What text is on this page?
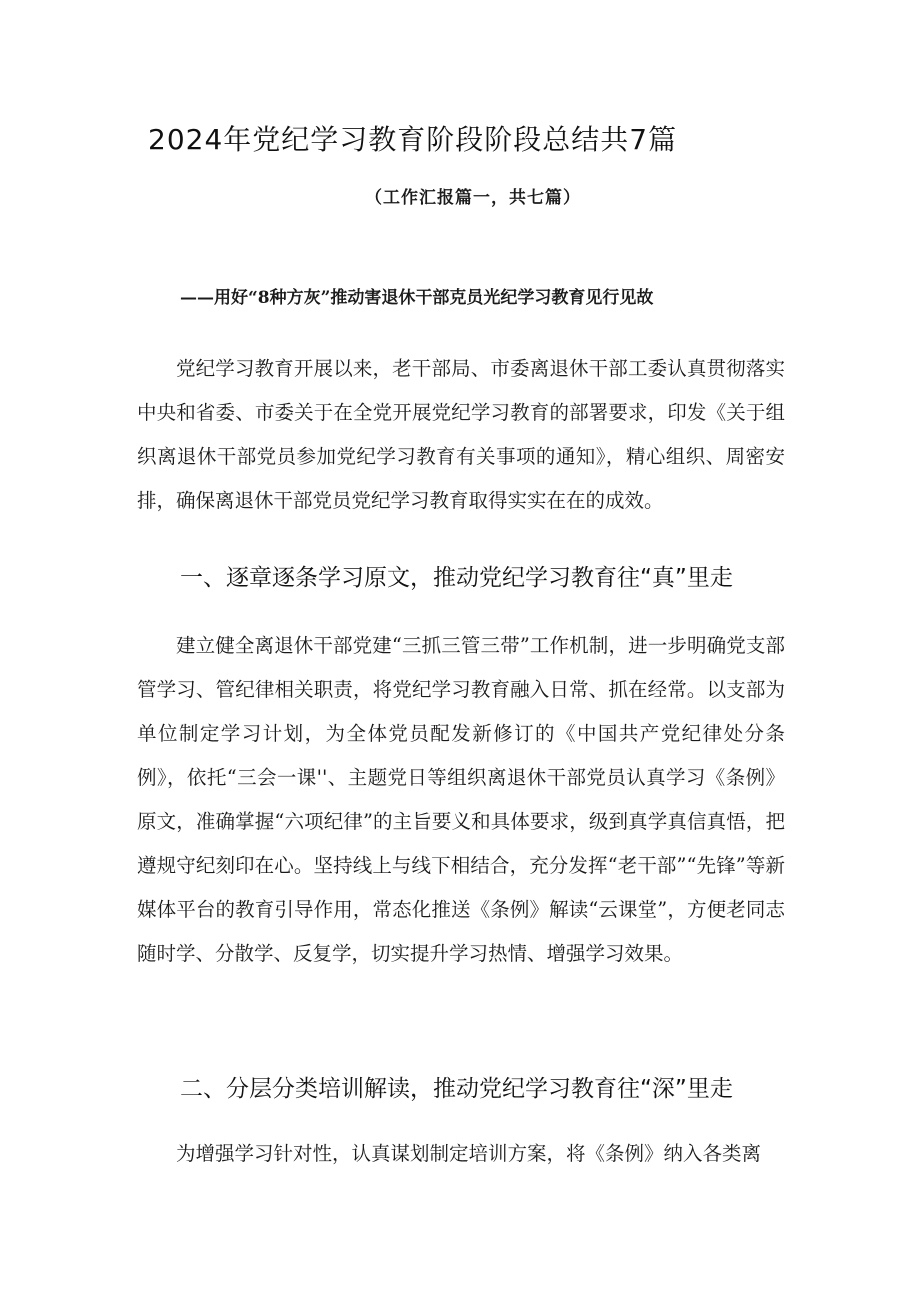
2024年党纪学习教育阶段阶段总结共7篇
（工作汇报篇一，共七篇）
——用好“8种方灰”推动害退休干部克员光纪学习教育见行见故

党纪学习教育开展以来，老干部局、市委离退休干部工委认真贯彻落实中央和省委、市委关于在全党开展党纪学习教育的部署要求，印发《关于组织离退休干部党员参加党纪学习教育有关事项的通知》，精心组织、周密安排，确保离退休干部党员党纪学习教育取得实实在在的成效。

一、逐章逐条学习原文，推动党纪学习教育往“真”里走

建立健全离退休干部党建“三抓三管三带”工作机制，进一步明确党支部管学习、管纪律相关职责，将党纪学习教育融入日常、抓在经常。以支部为单位制定学习计划，为全体党员配发新修订的《中国共产党纪律处分条例》，依托“三会一课''、主题党日等组织离退休干部党员认真学习《条例》原文，准确掌握“六项纪律”的主旨要义和具体要求，级到真学真信真悟，把遵规守纪刻印在心。坚持线上与线下相结合，充分发挥“老干部”“先锋”等新媒体平台的教育引导作用，常态化推送《条例》解读“云课堂”，方便老同志随时学、分散学、反复学，切实提升学习热情、增强学习效果。

二、分层分类培训解读，推动党纪学习教育往“深”里走

为增强学习针对性，认真谋划制定培训方案，将《条例》纳入各类离
